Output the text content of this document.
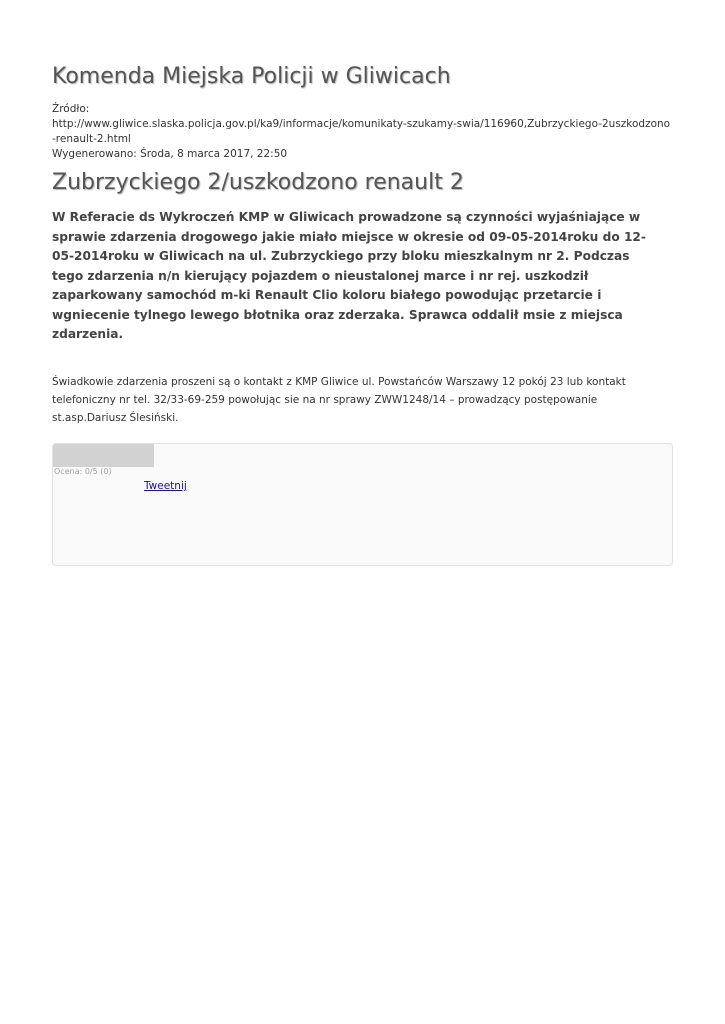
Komenda Miejska Policji w Gliwicach
Źródło:
http://www.gliwice.slaska.policja.gov.pl/ka9/informacje/komunikaty-szukamy-swia/116960,Zubrzyckiego-2uszkodzono-renault-2.html
Wygenerowano: Środa, 8 marca 2017, 22:50
Zubrzyckiego 2/uszkodzono renault 2

W Referacie ds Wykroczeń KMP w Gliwicach prowadzone są czynności wyjaśniające w sprawie zdarzenia drogowego jakie miało miejsce w okresie od 09-05-2014roku do 12-05-2014roku w Gliwicach na ul. Zubrzyckiego przy bloku mieszkalnym nr 2. Podczas tego zdarzenia n/n kierujący pojazdem o nieustalonej marce i nr rej. uszkodził zaparkowany samochód m-ki Renault Clio koloru białego powodując przetarcie i wgniecenie tylnego lewego błotnika oraz zderzaka. Sprawca oddalił msie z miejsca zdarzenia.

Świadkowie zdarzenia proszeni są o kontakt z KMP Gliwice ul. Powstańców Warszawy 12 pokój 23 lub kontakt telefoniczny nr tel. 32/33-69-259 powołując sie na nr sprawy ZWW1248/14 – prowadzący postępowanie st.asp.Dariusz Ślesiński.

Ocena: 0/5 (0)
Tweetnij
